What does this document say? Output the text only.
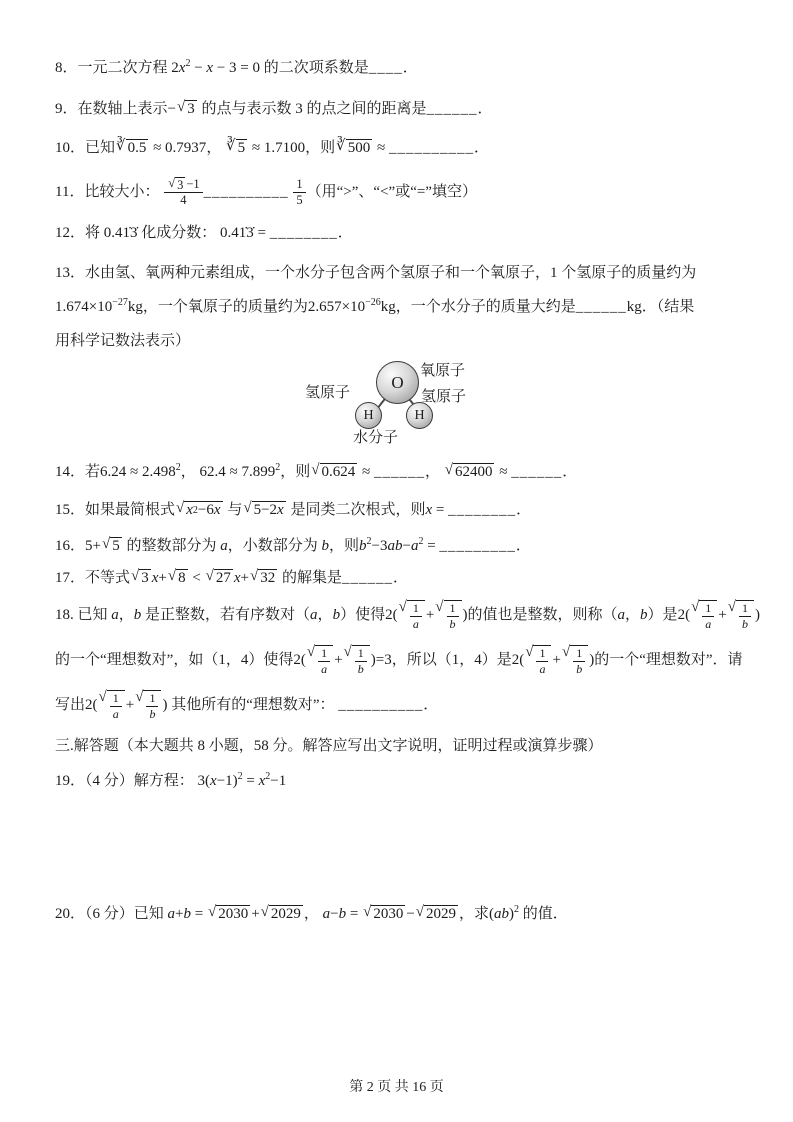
8．一元二次方程 $2x^2 - x - 3 = 0$ 的二次项系数是____．
9．在数轴上表示− √ 3 的点与表示数 3 的点之间的距离是______．
10．已知 ∛ 0.5 ≈ 0.7937， ∛ 5 ≈ 1.7100，则 ∛ 500 ≈ __________．
11．比较大小： $\frac{√ 3 -1}{4}$ __________ $\frac{1}{5}$ （用“>”、“<”或“=”填空）
12．将 0.41̇3̇ 化成分数： 0.41̇3̇ = ________．
13．水由氢、氧两种元素组成，一个水分子包含两个氢原子和一个氧原子，1 个氢原子的质量约为
$1.674\times 10^{-27}kg$，一个氧原子的质量约为$2.657\times 10^{-26}kg$，一个水分子的质量大约是______kg．（结果
用科学记数法表示）
O
H	H
氧原子
氢原子	氢原子
水分子
14．若$6.24 \approx 2.498^2$， $62.4 \approx 7.899^2$，则 √ 0.624 ≈ ______， √ 62400 ≈ ______．
15．如果最简根式 √ x 2 −6 x 与 √ 5−2 x 是同类二次根式，则x = ________．
16．5+ √ 5 的整数部分为 a，小数部分为 b，则$b^2-3ab-a^2$ = _________．
17．不等式 √ 3 x+ √ 8 < √ 27 x+ √ 32 的解集是______．
18. 已知 a，b 是正整数，若有序数对（a，b）使得2( √ $\frac{1}{a}$ + √ $\frac{1}{b}$ )的值也是整数，则称（a，b）是2( √ $\frac{1}{a}$ + √ $\frac{1}{b}$ )
的一个“理想数对”，如（1，4）使得2( √ $\frac{1}{a}$ + √ $\frac{1}{b} )=3$，所以（1，4）是2( √ $\frac{1}{a}$ + √ $\frac{1}{b}$ )的一个“理想数对”．请
写出2( √ $\frac{1}{a}$ + √ $\frac{1}{b}$ ) 其他所有的“理想数对”： __________．
三.解答题（本大题共 8 小题，58 分。解答应写出文字说明，证明过程或演算步骤）
19．（4 分）解方程： $3(x-1)^2 = x^2-1$
20．（6 分）已知 a+b = √ 2030 + √ 2029 ， a−b = √ 2030 − √ 2029 ，求(ab)$^2$ 的值．
第 2 页 共 16 页
